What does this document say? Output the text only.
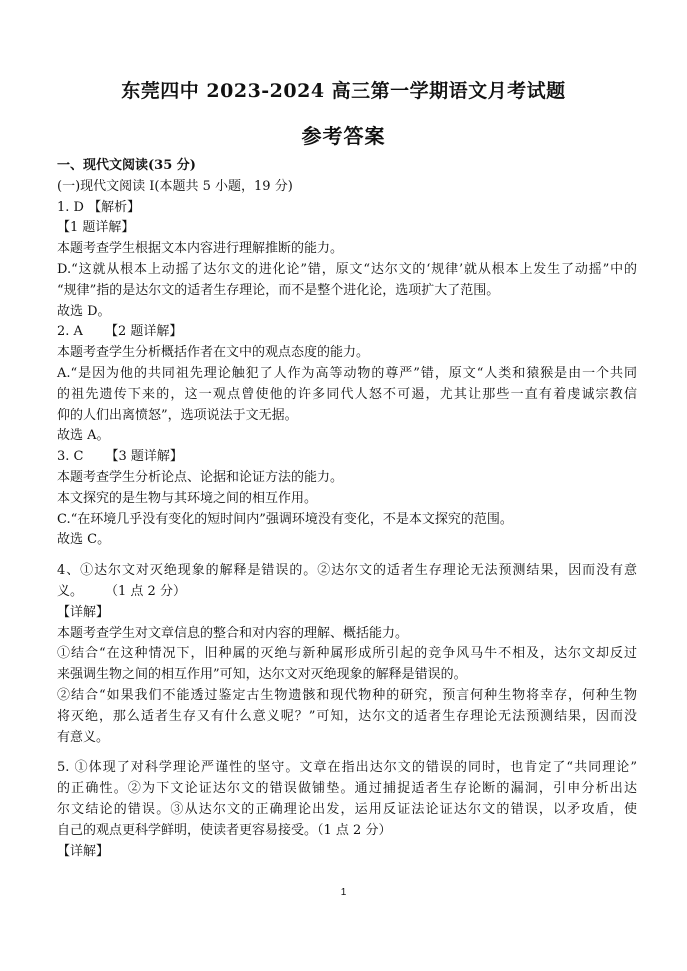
东莞四中 2023-2024 高三第一学期语文月考试题
参考答案
一、现代文阅读(35 分)
(一)现代文阅读 I(本题共 5 小题，19 分)
1. D 【解析】
【1 题详解】
本题考查学生根据文本内容进行理解推断的能力。
D.“这就从根本上动摇了达尔文的进化论”错，原文“达尔文的‘规律’就从根本上发生了动摇”中的
“规律”指的是达尔文的适者生存理论，而不是整个进化论，选项扩大了范围。
故选 D。
2. A 【2 题详解】
本题考查学生分析概括作者在文中的观点态度的能力。
A.“是因为他的共同祖先理论触犯了人作为高等动物的尊严”错，原文“人类和猿猴是由一个共同
的祖先遗传下来的，这一观点曾使他的许多同代人怒不可遏，尤其让那些一直有着虔诚宗教信
仰的人们出离愤怒”，选项说法于文无据。
故选 A。
3. C 【3 题详解】
本题考查学生分析论点、论据和论证方法的能力。
本文探究的是生物与其环境之间的相互作用。
C.“在环境几乎没有变化的短时间内”强调环境没有变化，不是本文探究的范围。
故选 C。
4、①达尔文对灭绝现象的解释是错误的。②达尔文的适者生存理论无法预测结果，因而没有意
义。 （1 点 2 分）
【详解】
本题考查学生对文章信息的整合和对内容的理解、概括能力。
①结合“在这种情况下，旧种属的灭绝与新种属形成所引起的竞争风马牛不相及，达尔文却反过
来强调生物之间的相互作用”可知，达尔文对灭绝现象的解释是错误的。
②结合“如果我们不能透过鉴定古生物遗骸和现代物种的研究，预言何种生物将幸存，何种生物
将灭绝，那么适者生存又有什么意义呢？”可知，达尔文的适者生存理论无法预测结果，因而没
有意义。
5. ①体现了对科学理论严谨性的坚守。文章在指出达尔文的错误的同时，也肯定了“共同理论”
的正确性。②为下文论证达尔文的错误做铺垫。通过捕捉适者生存论断的漏洞，引申分析出达
尔文结论的错误。③从达尔文的正确理论出发，运用反证法论证达尔文的错误，以矛攻盾，使
自己的观点更科学鲜明，使读者更容易接受。（1 点 2 分）
【详解】
1
